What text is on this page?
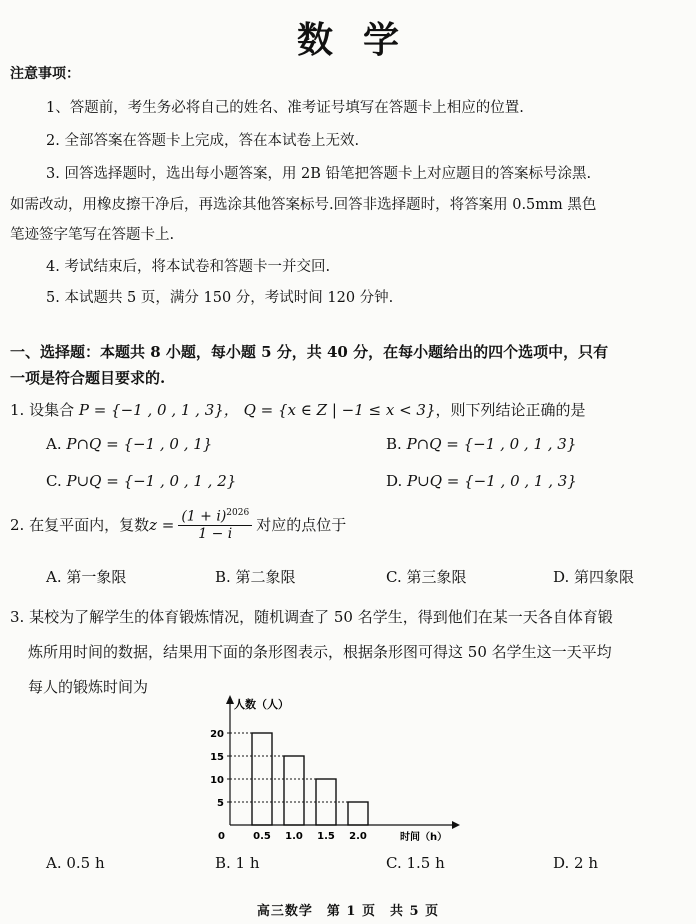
数学
注意事项：
1、答题前，考生务必将自己的姓名、准考证号填写在答题卡上相应的位置.
2. 全部答案在答题卡上完成，答在本试卷上无效.
3. 回答选择题时，选出每小题答案，用 2B 铅笔把答题卡上对应题目的答案标号涂黑.
如需改动，用橡皮擦干净后，再选涂其他答案标号.回答非选择题时，将答案用 0.5mm 黑色
笔迹签字笔写在答题卡上.
4. 考试结束后，将本试卷和答题卡一并交回.
5. 本试题共 5 页，满分 150 分，考试时间 120 分钟.
一、选择题：本题共 8 小题，每小题 5 分，共 40 分，在每小题给出的四个选项中，只有
一项是符合题目要求的.
1. 设集合 P = {−1 , 0 , 1 , 3}， Q = {x ∈ Z | −1 ≤ x < 3}，则下列结论正确的是
A. P∩Q = {−1 , 0 , 1}	B. P∩Q = {−1 , 0 , 1 , 3}
C. P∪Q = {−1 , 0 , 1 , 2}	D. P∪Q = {−1 , 0 , 1 , 3}
2. 在复平面内，复数 $z = \frac{(1 + i)^{2026}}{1 - i}$ 对应的点位于
A. 第一象限	B. 第二象限	C. 第三象限	D. 第四象限
3. 某校为了解学生的体育锻炼情况，随机调查了 50 名学生，得到他们在某一天各自体育锻
炼所用时间的数据，结果用下面的条形图表示，根据条形图可得这 50 名学生这一天平均
每人的锻炼时间为
人数（人）
时间（h）
0
5
10
15
20
0.5 1.0 1.5 2.0
A. 0.5 h	B. 1 h	C. 1.5 h	D. 2 h
高三数学　第 1 页　共 5 页
